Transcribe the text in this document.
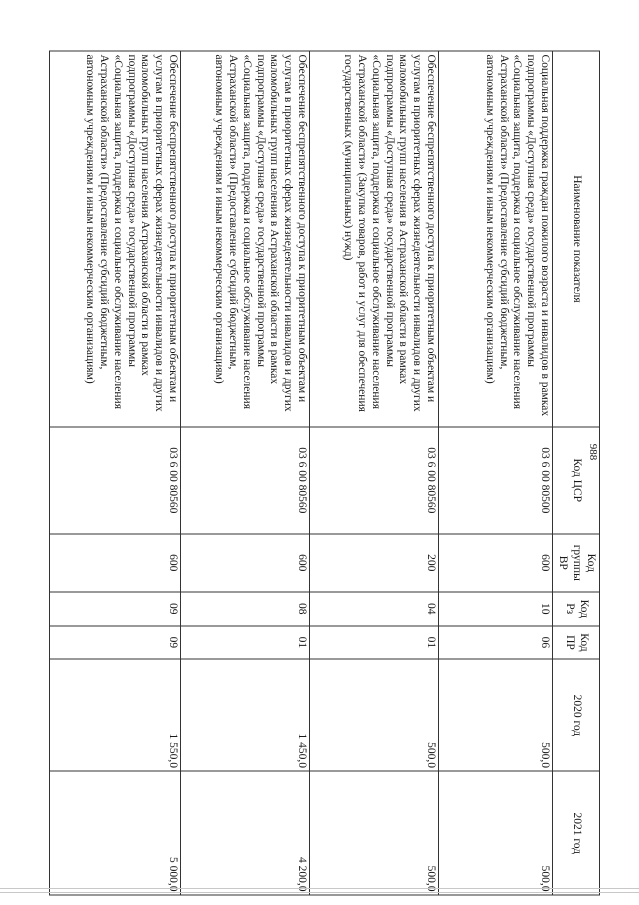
988
Наименование показателя	Код ЦСР	Код группы ВР	Код Рз	Код ПР	2020 год	2021 год
Социальная поддержка граждан пожилого возраста и инвалидов в рамках подпрограммы «Доступная среда» государственной программы «Социальная защита, поддержка и социальное обслуживание населения Астраханской области» (Предоставление субсидий бюджетным, автономным учреждениям и иным некоммерческим организациям)	03 6 00 80500	600	10	06	500,0	500,0
Обеспечение беспрепятственного доступа к приоритетным объектам и услугам в приоритетных сферах жизнедеятельности инвалидов и других маломобильных групп населения в Астраханской области в рамках подпрограммы «Доступная среда» государственной программы «Социальная защита, поддержка и социальное обслуживание населения Астраханской области» (Закупка товаров, работ и услуг для обеспечения государственных (муниципальных) нужд)	03 6 00 80560	200	04	01	500,0	500,0
Обеспечение беспрепятственного доступа к приоритетным объектам и услугам в приоритетных сферах жизнедеятельности инвалидов и других маломобильных групп населения в Астраханской области в рамках подпрограммы «Доступная среда» государственной программы «Социальная защита, поддержка и социальное обслуживание населения Астраханской области» (Предоставление субсидий бюджетным, автономным учреждениям и иным некоммерческим организациям)	03 6 00 80560	600	08	01	1 450,0	4 200,0
Обеспечение беспрепятственного доступа к приоритетным объектам и услугам в приоритетных сферах жизнедеятельности инвалидов и других маломобильных групп населения Астраханской области в рамках подпрограммы «Доступная среда» государственной программы «Социальная защита, поддержка и социальное обслуживание населения Астраханской области» (Предоставление субсидий бюджетным, автономным учреждениям и иным некоммерческим организациям)	03 6 00 80560	600	09	09	1 550,0	5 000,0
